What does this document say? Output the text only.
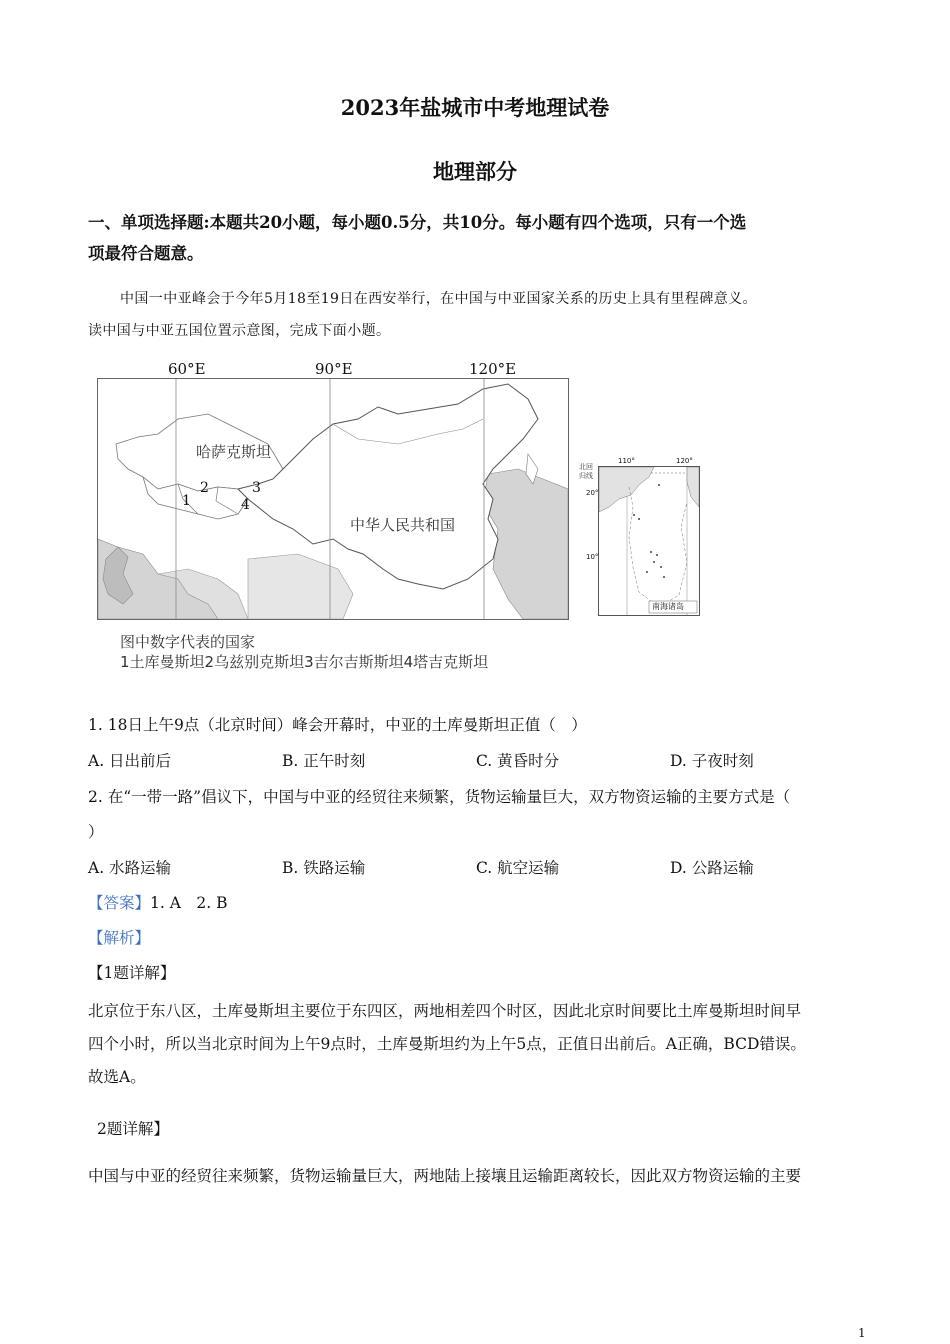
2023年盐城市中考地理试卷
地理部分
一、单项选择题:本题共20小题，每小题0.5分，共10分。每小题有四个选项，只有一个选
项最符合题意。
中国一中亚峰会于今年5月18至19日在西安举行，在中国与中亚国家关系的历史上具有里程碑意义。
读中国与中亚五国位置示意图，完成下面小题。
60°E	90°E	120°E
哈萨克斯坦
中华人民共和国
1
2	3
4
北回
归线
110°	120°
20°
10°
南海诸岛
图中数字代表的国家
1土库曼斯坦2乌兹别克斯坦3吉尔吉斯斯坦4塔吉克斯坦
1. 18日上午9点（北京时间）峰会开幕时，中亚的土库曼斯坦正值（　）
A. 日出前后	B. 正午时刻	C. 黄昏时分	D. 子夜时刻
2. 在“一带一路”倡议下，中国与中亚的经贸往来频繁，货物运输量巨大，双方物资运输的主要方式是（
）
A. 水路运输	B. 铁路运输	C. 航空运输	D. 公路运输
【答案】1. A　2. B
【解析】
【1题详解】
北京位于东八区，土库曼斯坦主要位于东四区，两地相差四个时区，因此北京时间要比土库曼斯坦时间早
四个小时，所以当北京时间为上午9点时，土库曼斯坦约为上午5点，正值日出前后。A正确，BCD错误。
故选A。
2题详解】
中国与中亚的经贸往来频繁，货物运输量巨大，两地陆上接壤且运输距离较长，因此双方物资运输的主要
1
